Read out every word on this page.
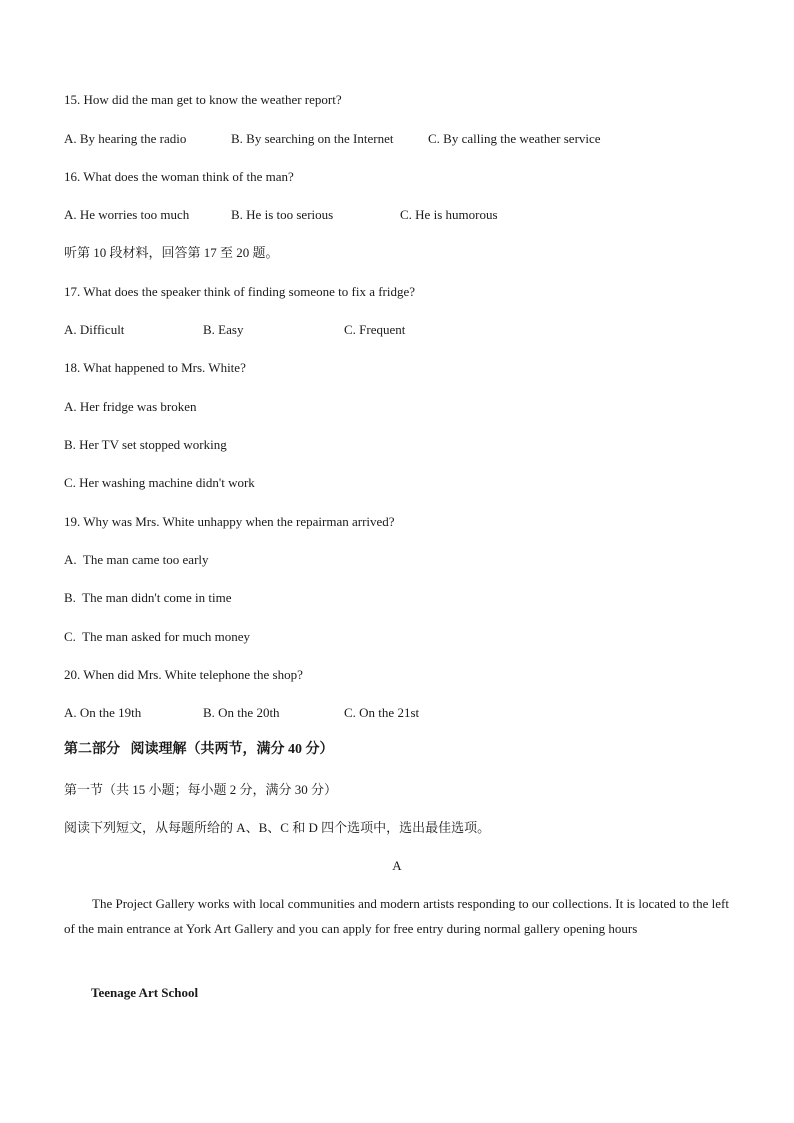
15. How did the man get to know the weather report?
A. By hearing the radio	B. By searching on the Internet	C. By calling the weather service
16. What does the woman think of the man?
A. He worries too much	B. He is too serious	C. He is humorous
听第 10 段材料，回答第 17 至 20 题。
17. What does the speaker think of finding someone to fix a fridge?
A. Difficult	B. Easy	C. Frequent
18. What happened to Mrs. White?
A. Her fridge was broken
B. Her TV set stopped working
C. Her washing machine didn't work
19. Why was Mrs. White unhappy when the repairman arrived?
A.  The man came too early
B.  The man didn't come in time
C.  The man asked for much money
20. When did Mrs. White telephone the shop?
A. On the 19th	B. On the 20th	C. On the 21st
第二部分   阅读理解（共两节，满分 40 分）
第一节（共 15 小题；每小题 2 分，满分 30 分）
阅读下列短文，从每题所给的 A、B、C 和 D 四个选项中，选出最佳选项。
A
The Project Gallery works with local communities and modern artists responding to our collections. It is located to the left of the main entrance at York Art Gallery and you can apply for free entry during normal gallery opening hours
Teenage Art School
